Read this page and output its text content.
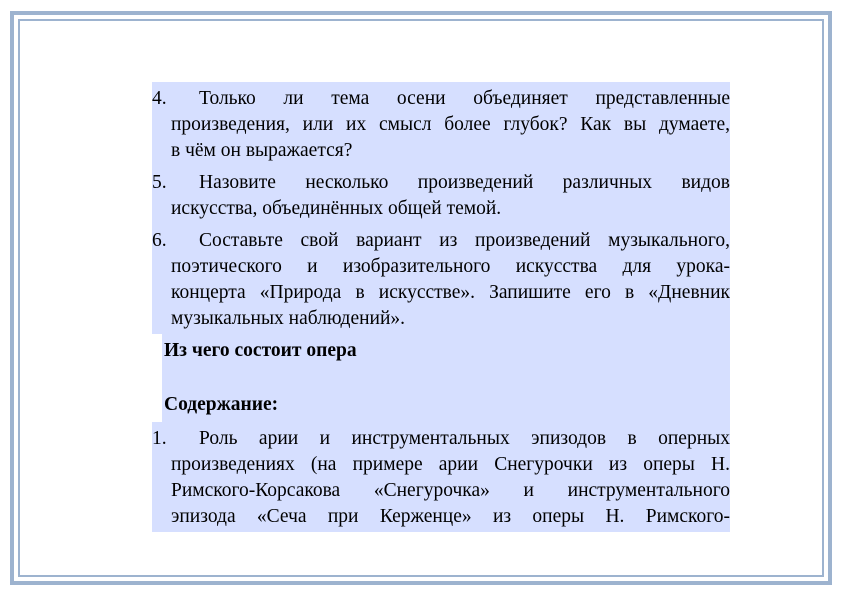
4.	Только ли тема осени объединяет представленные
произведения, или их смысл более глубок? Как вы думаете,
в чём он выражается?
5.	Назовите несколько произведений различных видов
искусства, объединённых общей темой.
6.	Составьте свой вариант из произведений музыкального,
поэтического и изобразительного искусства для урока-
концерта «Природа в искусстве». Запишите его в «Дневник
музыкальных наблюдений».
Из чего состоит опера
Содержание:
1.	Роль арии и инструментальных эпизодов в оперных
произведениях (на примере арии Снегурочки из оперы Н.
Римского-Корсакова «Снегурочка» и инструментального
эпизода «Сеча при Керженце» из оперы Н. Римского-
